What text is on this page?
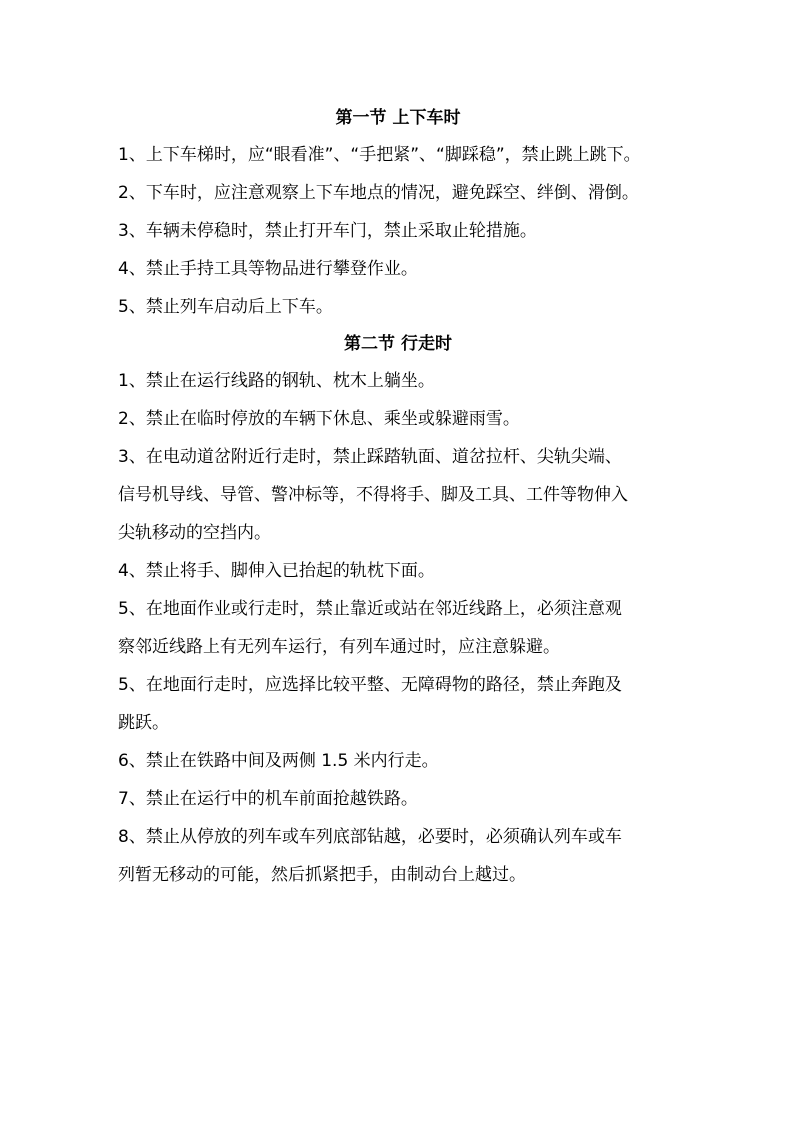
第一节 上下车时

1、上下车梯时，应“眼看准”、“手把紧”、“脚踩稳”，禁止跳上跳下。

2、下车时，应注意观察上下车地点的情况，避免踩空、绊倒、滑倒。

3、车辆未停稳时，禁止打开车门，禁止采取止轮措施。

4、禁止手持工具等物品进行攀登作业。

5、禁止列车启动后上下车。

第二节 行走时

1、禁止在运行线路的钢轨、枕木上躺坐。

2、禁止在临时停放的车辆下休息、乘坐或躲避雨雪。

3、在电动道岔附近行走时，禁止踩踏轨面、道岔拉杆、尖轨尖端、

信号机导线、导管、警冲标等，不得将手、脚及工具、工件等物伸入

尖轨移动的空挡内。

4、禁止将手、脚伸入已抬起的轨枕下面。

5、在地面作业或行走时，禁止靠近或站在邻近线路上，必须注意观

察邻近线路上有无列车运行，有列车通过时，应注意躲避。

5、在地面行走时，应选择比较平整、无障碍物的路径，禁止奔跑及

跳跃。

6、禁止在铁路中间及两侧 1.5 米内行走。

7、禁止在运行中的机车前面抢越铁路。

8、禁止从停放的列车或车列底部钻越，必要时，必须确认列车或车

列暂无移动的可能，然后抓紧把手，由制动台上越过。
